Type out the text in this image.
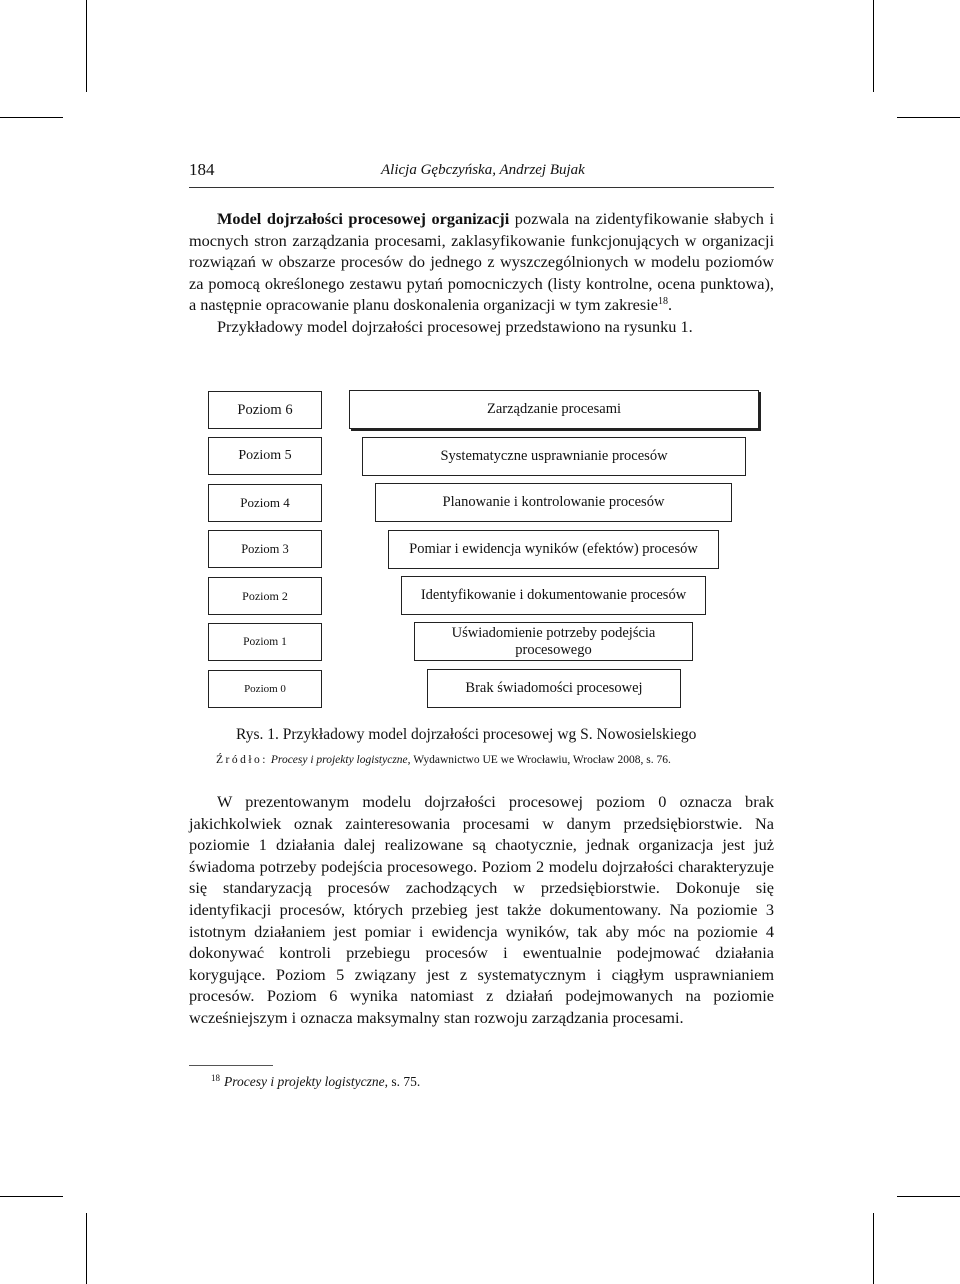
184	Alicja Gębczyńska, Andrzej Bujak

Model dojrzałości procesowej organizacji pozwala na zidentyfikowanie słabych i mocnych stron zarządzania procesami, zaklasyfikowanie funkcjonujących w organizacji rozwiązań w obszarze procesów do jednego z wyszczególnionych w modelu poziomów za pomocą określonego zestawu pytań pomocniczych (listy kontrolne, ocena punktowa), a następnie opracowanie planu doskonalenia organizacji w tym zakresie$^{18}$.
Przykładowy model dojrzałości procesowej przedstawiono na rysunku 1.

Poziom 6
Poziom 5
Poziom 4
Poziom 3
Poziom 2
Poziom 1
Poziom 0
Zarządzanie procesami
Systematyczne usprawnianie procesów
Planowanie i kontrolowanie procesów
Pomiar i ewidencja wyników (efektów) procesów
Identyfikowanie i dokumentowanie procesów
Uświadomienie potrzeby podejścia procesowego
Brak świadomości procesowej
Rys. 1. Przykładowy model dojrzałości procesowej wg S. Nowosielskiego
Źródło: Procesy i projekty logistyczne, Wydawnictwo UE we Wrocławiu, Wrocław 2008, s. 76.

W prezentowanym modelu dojrzałości procesowej poziom 0 oznacza brak jakichkolwiek oznak zainteresowania procesami w danym przedsiębiorstwie. Na poziomie 1 działania dalej realizowane są chaotycznie, jednak organizacja jest już świadoma potrzeby podejścia procesowego. Poziom 2 modelu dojrzałości charakteryzuje się standaryzacją procesów zachodzących w przedsiębiorstwie. Dokonuje się identyfikacji procesów, których przebieg jest także dokumentowany. Na poziomie 3 istotnym działaniem jest pomiar i ewidencja wyników, tak aby móc na poziomie 4 dokonywać kontroli przebiegu procesów i ewentualnie podejmować działania korygujące. Poziom 5 związany jest z systematycznym i ciągłym usprawnianiem procesów. Poziom 6 wynika natomiast z działań podejmowanych na poziomie wcześniejszym i oznacza maksymalny stan rozwoju zarządzania procesami.

$^{18}$ Procesy i projekty logistyczne, s. 75.
